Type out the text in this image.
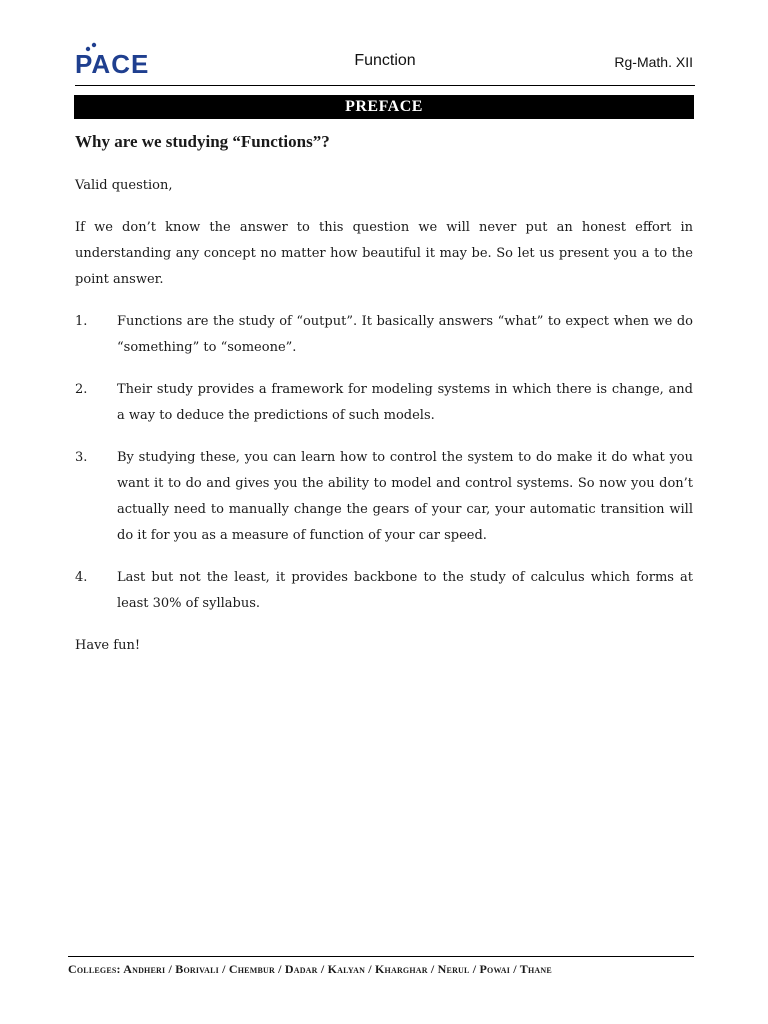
PACE	Function	Rg-Math. XII
PREFACE
Why are we studying “Functions”?

Valid question,

If we don’t know the answer to this question we will never put an honest effort in understanding any concept no matter how beautiful it may be. So let us present you a to the point answer.

1.	Functions are the study of “output”. It basically answers “what” to expect when we do “something” to “someone”.
2.	Their study provides a framework for modeling systems in which there is change, and a way to deduce the predictions of such models.
3.	By studying these, you can learn how to control the system to do make it do what you want it to do and gives you the ability to model and control systems. So now you don’t actually need to manually change the gears of your car, your automatic transition will do it for you as a measure of function of your car speed.
4.	Last but not the least, it provides backbone to the study of calculus which forms at least 30% of syllabus.

Have fun!

Colleges: Andheri / Borivali / Chembur / Dadar / Kalyan / Kharghar / Nerul / Powai / Thane
